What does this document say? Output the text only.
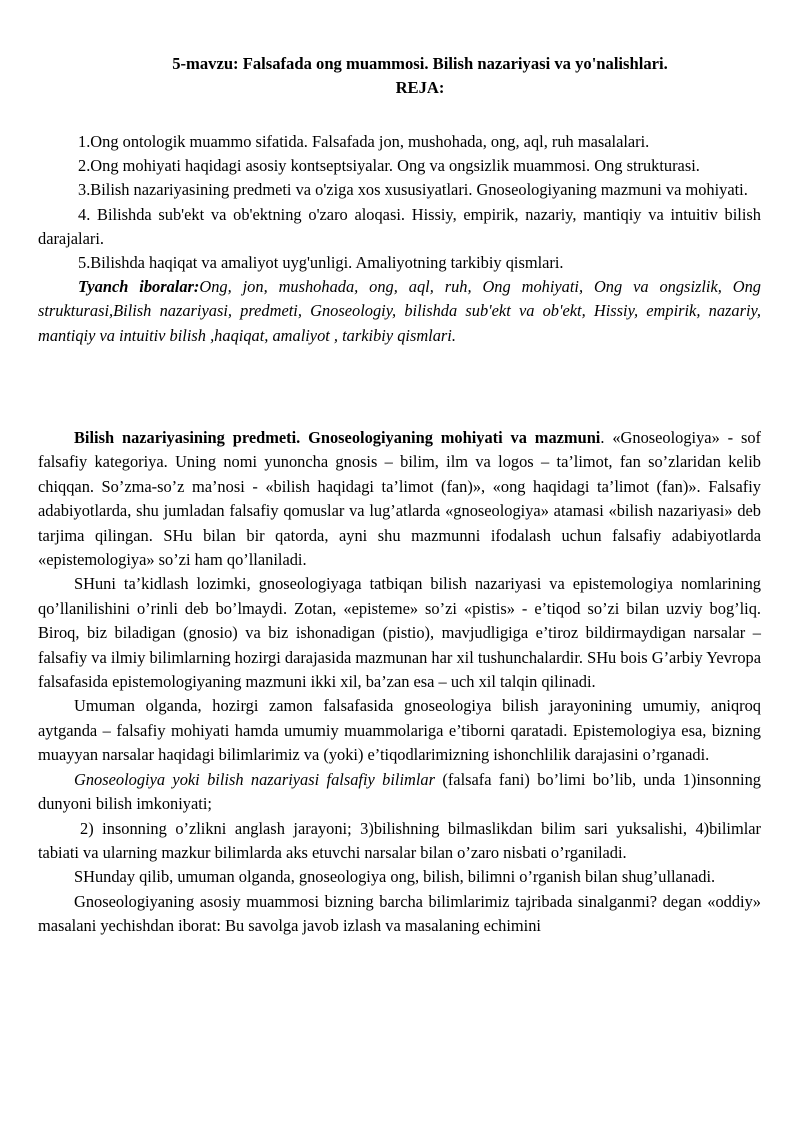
5-mavzu: Falsafada ong muammosi. Bilish nazariyasi va yo'nalishlari.
REJA:

1.Ong ontologik muammo sifatida. Falsafada jon, mushohada, ong, aql, ruh masalalari.

2.Ong mohiyati haqidagi asosiy kontseptsiyalar. Ong va ongsizlik muammosi. Ong strukturasi.

3.Bilish nazariyasining predmeti va o'ziga xos xususiyatlari. Gnoseologiyaning mazmuni va mohiyati.

4. Bilishda sub'ekt va ob'ektning o'zaro aloqasi. Hissiy, empirik, nazariy, mantiqiy va intuitiv bilish darajalari.

5.Bilishda haqiqat va amaliyot uyg'unligi. Amaliyotning tarkibiy qismlari.

Tyanch iboralar:Ong, jon, mushohada, ong, aql, ruh, Ong mohiyati, Ong va ongsizlik, Ong strukturasi,Bilish nazariyasi, predmeti, Gnoseologiy, bilishda sub'ekt va ob'ekt, Hissiy, empirik, nazariy, mantiqiy va intuitiv bilish ,haqiqat, amaliyot , tarkibiy qismlari.

Bilish nazariyasining predmeti. Gnoseologiyaning mohiyati va mazmuni. «Gnoseologiya» - sof falsafiy kategoriya. Uning nomi yunoncha gnosis – bilim, ilm va logos – ta’limot, fan so’zlaridan kelib chiqqan. So’zma-so’z ma’nosi - «bilish haqidagi ta’limot (fan)», «ong haqidagi ta’limot (fan)». Falsafiy adabiyotlarda, shu jumladan falsafiy qomuslar va lug’atlarda «gnoseologiya» atamasi «bilish nazariyasi» deb tarjima qilingan. SHu bilan bir qatorda, ayni shu mazmunni ifodalash uchun falsafiy adabiyotlarda «epistemologiya» so’zi ham qo’llaniladi.

SHuni ta’kidlash lozimki, gnoseologiyaga tatbiqan bilish nazariyasi va epistemologiya nomlarining qo’llanilishini o’rinli deb bo’lmaydi. Zotan, «episteme» so’zi «pistis» - e’tiqod so’zi bilan uzviy bog’liq. Biroq, biz biladigan (gnosio) va biz ishonadigan (pistio), mavjudligiga e’tiroz bildirmaydigan narsalar – falsafiy va ilmiy bilimlarning hozirgi darajasida mazmunan har xil tushunchalardir. SHu bois G’arbiy Yevropa falsafasida epistemologiyaning mazmuni ikki xil, ba’zan esa – uch xil talqin qilinadi.

Umuman olganda, hozirgi zamon falsafasida gnoseologiya bilish jarayonining umumiy, aniqroq aytganda – falsafiy mohiyati hamda umumiy muammolariga e’tiborni qaratadi. Epistemologiya esa, bizning muayyan narsalar haqidagi bilimlarimiz va (yoki) e’tiqodlarimizning ishonchlilik darajasini o’rganadi.

Gnoseologiya yoki bilish nazariyasi falsafiy bilimlar (falsafa fani) bo’limi bo’lib, unda 1)insonning dunyoni bilish imkoniyati;

2) insonning o’zlikni anglash jarayoni; 3)bilishning bilmaslikdan bilim sari yuksalishi, 4)bilimlar tabiati va ularning mazkur bilimlarda aks etuvchi narsalar bilan o’zaro nisbati o’rganiladi.

SHunday qilib, umuman olganda, gnoseologiya ong, bilish, bilimni o’rganish bilan shug’ullanadi.

Gnoseologiyaning asosiy muammosi bizning barcha bilimlarimiz tajribada sinalganmi? degan «oddiy» masalani yechishdan iborat: Bu savolga javob izlash va masalaning echimini
